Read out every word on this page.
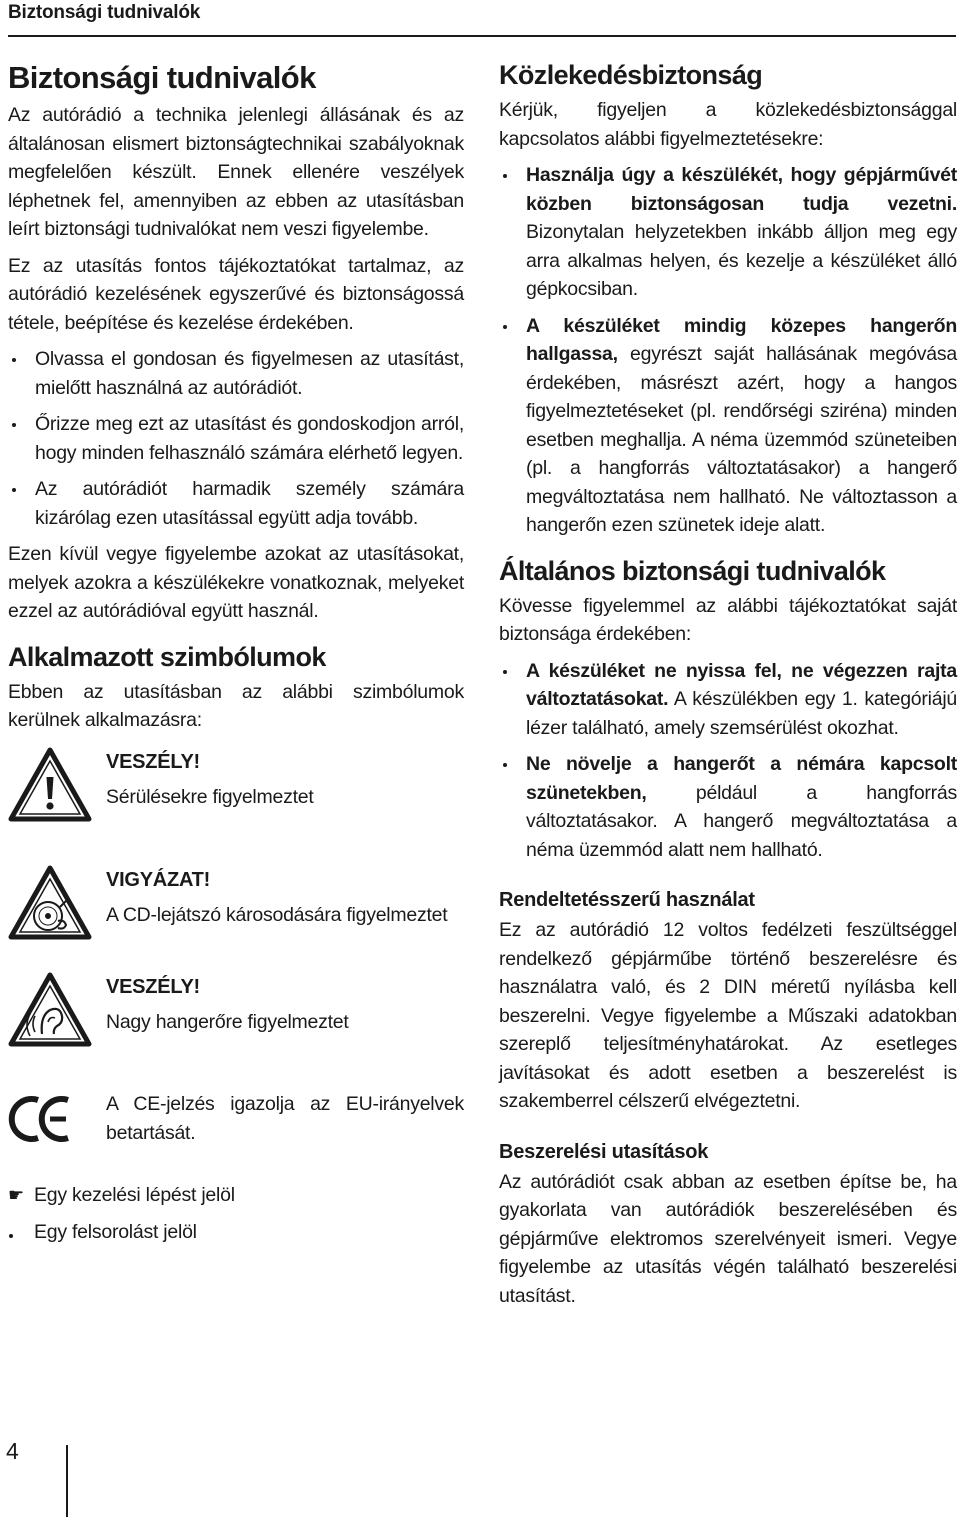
Biztonsági tudnivalók
Biztonsági tudnivalók

Az autórádió a technika jelenlegi állásának és az általánosan elismert biztonságtechnikai szabályoknak megfelelően készült. Ennek ellenére veszélyek léphetnek fel, amennyiben az ebben az utasításban leírt biztonsági tudnivalókat nem veszi figyelembe.

Ez az utasítás fontos tájékoztatókat tartalmaz, az autórádió kezelésének egyszerűvé és biztonságossá tétele, beépítése és kezelése érdekében.

Olvassa el gondosan és figyelmesen az utasítást, mielőtt használná az autórádiót.
Őrizze meg ezt az utasítást és gondoskodjon arról, hogy minden felhasználó számára elérhető legyen.
Az autórádiót harmadik személy számára kizárólag ezen utasítással együtt adja tovább.

Ezen kívül vegye figyelembe azokat az utasításokat, melyek azokra a készülékekre vonatkoznak, melyeket ezzel az autórádióval együtt használ.

Alkalmazott szimbólumok

Ebben az utasításban az alábbi szimbólumok kerülnek alkalmazásra:

VESZÉLY!
Sérülésekre figyelmeztet
VIGYÁZAT!
A CD-lejátszó károsodására figyelmeztet
VESZÉLY!
Nagy hangerőre figyelmeztet
A CE-jelzés igazolja az EU-irányelvek betartását.
☛ Egy kezelési lépést jelöl
Egy felsorolást jelöl
Közlekedésbiztonság

Kérjük, figyeljen a közlekedésbiztonsággal kapcsolatos alábbi figyelmeztetésekre:

Használja úgy a készülékét, hogy gépjárművét közben biztonságosan tudja vezetni. Bizonytalan helyzetekben inkább álljon meg egy arra alkalmas helyen, és kezelje a készüléket álló gépkocsiban.
A készüléket mindig közepes hangerőn hallgassa, egyrészt saját hallásának megóvása érdekében, másrészt azért, hogy a hangos figyelmeztetéseket (pl. rendőrségi sziréna) minden esetben meghallja. A néma üzemmód szüneteiben (pl. a hangforrás változtatásakor) a hangerő megváltoztatása nem hallható. Ne változtasson a hangerőn ezen szünetek ideje alatt.
Általános biztonsági tudnivalók

Kövesse figyelemmel az alábbi tájékoztatókat saját biztonsága érdekében:

A készüléket ne nyissa fel, ne végezzen rajta változtatásokat. A készülékben egy 1. kategóriájú lézer található, amely szemsérülést okozhat.
Ne növelje a hangerőt a némára kapcsolt szünetekben, például a hangforrás változtatásakor. A hangerő megváltoztatása a néma üzemmód alatt nem hallható.
Rendeltetésszerű használat

Ez az autórádió 12 voltos fedélzeti feszültséggel rendelkező gépjárműbe történő beszerelésre és használatra való, és 2 DIN méretű nyílásba kell beszerelni. Vegye figyelembe a Műszaki adatokban szereplő teljesítményhatárokat. Az esetleges javításokat és adott esetben a beszerelést is szakemberrel célszerű elvégeztetni.

Beszerelési utasítások

Az autórádiót csak abban az esetben építse be, ha gyakorlata van autórádiók beszerelésében és gépjárműve elektromos szerelvényeit ismeri. Vegye figyelembe az utasítás végén található beszerelési utasítást.

4
